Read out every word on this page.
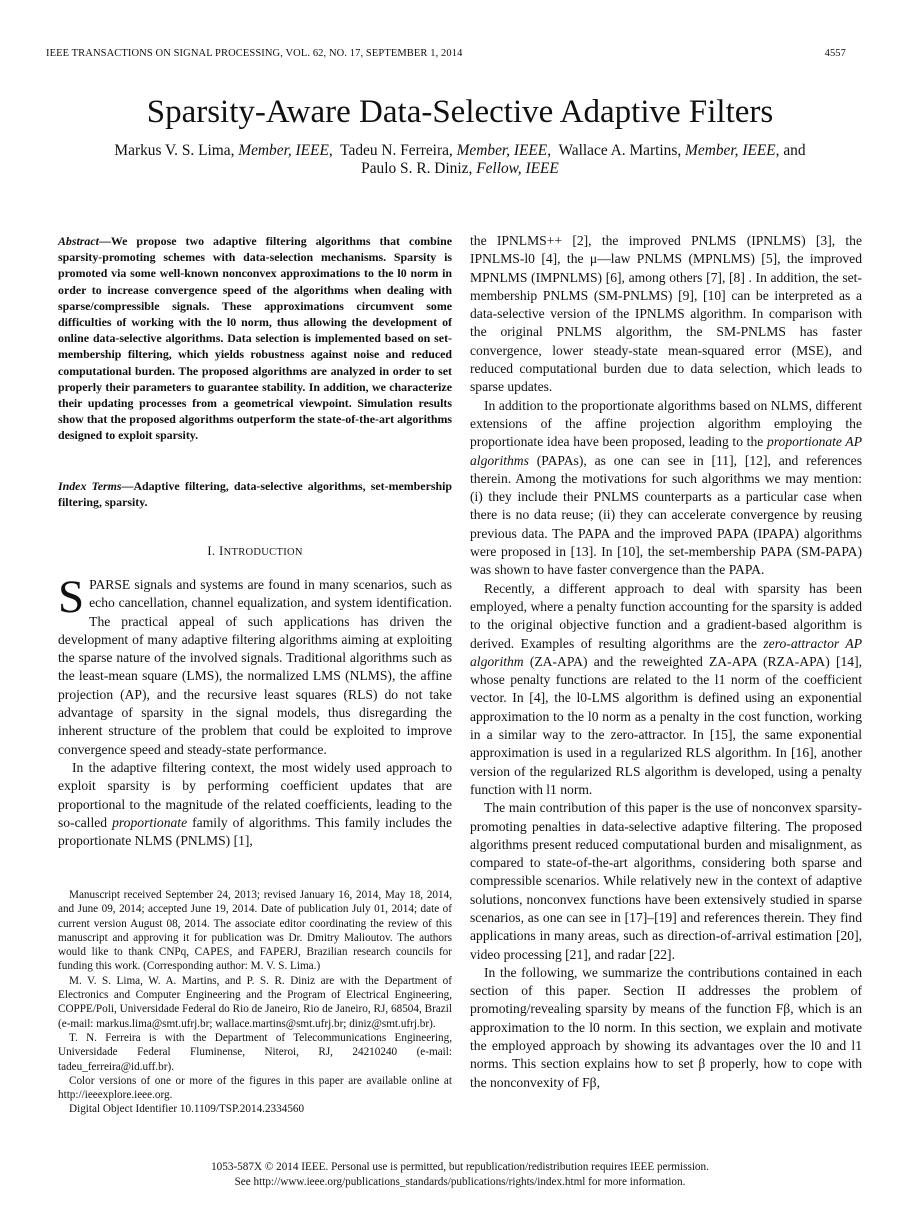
IEEE TRANSACTIONS ON SIGNAL PROCESSING, VOL. 62, NO. 17, SEPTEMBER 1, 2014	4557
Sparsity-Aware Data-Selective Adaptive Filters
Markus V. S. Lima, Member, IEEE,  Tadeu N. Ferreira, Member, IEEE,  Wallace A. Martins, Member, IEEE, and
Paulo S. R. Diniz, Fellow, IEEE
Abstract—We propose two adaptive filtering algorithms that combine sparsity-promoting schemes with data-selection mechanisms. Sparsity is promoted via some well-known nonconvex approximations to the l0 norm in order to increase convergence speed of the algorithms when dealing with sparse/compressible signals. These approximations circumvent some difficulties of working with the l0 norm, thus allowing the development of online data-selective algorithms. Data selection is implemented based on set-membership filtering, which yields robustness against noise and reduced computational burden. The proposed algorithms are analyzed in order to set properly their parameters to guarantee stability. In addition, we characterize their updating processes from a geometrical viewpoint. Simulation results show that the proposed algorithms outperform the state-of-the-art algorithms designed to exploit sparsity.
Index Terms—Adaptive filtering, data-selective algorithms, set-membership filtering, sparsity.
I. INTRODUCTION

SPARSE signals and systems are found in many scenarios, such as echo cancellation, channel equalization, and system identification. The practical appeal of such applications has driven the development of many adaptive filtering algorithms aiming at exploiting the sparse nature of the involved signals. Traditional algorithms such as the least-mean square (LMS), the normalized LMS (NLMS), the affine projection (AP), and the recursive least squares (RLS) do not take advantage of sparsity in the signal models, thus disregarding the inherent structure of the problem that could be exploited to improve convergence speed and steady-state performance.

In the adaptive filtering context, the most widely used approach to exploit sparsity is by performing coefficient updates that are proportional to the magnitude of the related coefficients, leading to the so-called proportionate family of algorithms. This family includes the proportionate NLMS (PNLMS) [1],

Manuscript received September 24, 2013; revised January 16, 2014, May 18, 2014, and June 09, 2014; accepted June 19, 2014. Date of publication July 01, 2014; date of current version August 08, 2014. The associate editor coordinating the review of this manuscript and approving it for publication was Dr. Dmitry Malioutov. The authors would like to thank CNPq, CAPES, and FAPERJ, Brazilian research councils for funding this work. (Corresponding author: M. V. S. Lima.)

M. V. S. Lima, W. A. Martins, and P. S. R. Diniz are with the Department of Electronics and Computer Engineering and the Program of Electrical Engineering, COPPE/Poli, Universidade Federal do Rio de Janeiro, Rio de Janeiro, RJ, 68504, Brazil (e-mail: markus.lima@smt.ufrj.br; wallace.martins@smt.ufrj.br; diniz@smt.ufrj.br).

T. N. Ferreira is with the Department of Telecommunications Engineering, Universidade Federal Fluminense, Niteroi, RJ, 24210240 (e-mail: tadeu_ferreira@id.uff.br).

Color versions of one or more of the figures in this paper are available online at http://ieeexplore.ieee.org.

Digital Object Identifier 10.1109/TSP.2014.2334560

the IPNLMS++ [2], the improved PNLMS (IPNLMS) [3], the IPNLMS-l0 [4], the μ—law PNLMS (MPNLMS) [5], the improved MPNLMS (IMPNLMS) [6], among others [7], [8] . In addition, the set-membership PNLMS (SM-PNLMS) [9], [10] can be interpreted as a data-selective version of the IPNLMS algorithm. In comparison with the original PNLMS algorithm, the SM-PNLMS has faster convergence, lower steady-state mean-squared error (MSE), and reduced computational burden due to data selection, which leads to sparse updates.

In addition to the proportionate algorithms based on NLMS, different extensions of the affine projection algorithm employing the proportionate idea have been proposed, leading to the proportionate AP algorithms (PAPAs), as one can see in [11], [12], and references therein. Among the motivations for such algorithms we may mention: (i) they include their PNLMS counterparts as a particular case when there is no data reuse; (ii) they can accelerate convergence by reusing previous data. The PAPA and the improved PAPA (IPAPA) algorithms were proposed in [13]. In [10], the set-membership PAPA (SM-PAPA) was shown to have faster convergence than the PAPA.

Recently, a different approach to deal with sparsity has been employed, where a penalty function accounting for the sparsity is added to the original objective function and a gradient-based algorithm is derived. Examples of resulting algorithms are the zero-attractor AP algorithm (ZA-APA) and the reweighted ZA-APA (RZA-APA) [14], whose penalty functions are related to the l1 norm of the coefficient vector. In [4], the l0-LMS algorithm is defined using an exponential approximation to the l0 norm as a penalty in the cost function, working in a similar way to the zero-attractor. In [15], the same exponential approximation is used in a regularized RLS algorithm. In [16], another version of the regularized RLS algorithm is developed, using a penalty function with l1 norm.

The main contribution of this paper is the use of nonconvex sparsity-promoting penalties in data-selective adaptive filtering. The proposed algorithms present reduced computational burden and misalignment, as compared to state-of-the-art algorithms, considering both sparse and compressible scenarios. While relatively new in the context of adaptive solutions, nonconvex functions have been extensively studied in sparse scenarios, as one can see in [17]–[19] and references therein. They find applications in many areas, such as direction-of-arrival estimation [20], video processing [21], and radar [22].

In the following, we summarize the contributions contained in each section of this paper. Section II addresses the problem of promoting/revealing sparsity by means of the function Fβ, which is an approximation to the l0 norm. In this section, we explain and motivate the employed approach by showing its advantages over the l0 and l1 norms. This section explains how to set β properly, how to cope with the nonconvexity of Fβ,

1053-587X © 2014 IEEE. Personal use is permitted, but republication/redistribution requires IEEE permission.
See http://www.ieee.org/publications_standards/publications/rights/index.html for more information.
